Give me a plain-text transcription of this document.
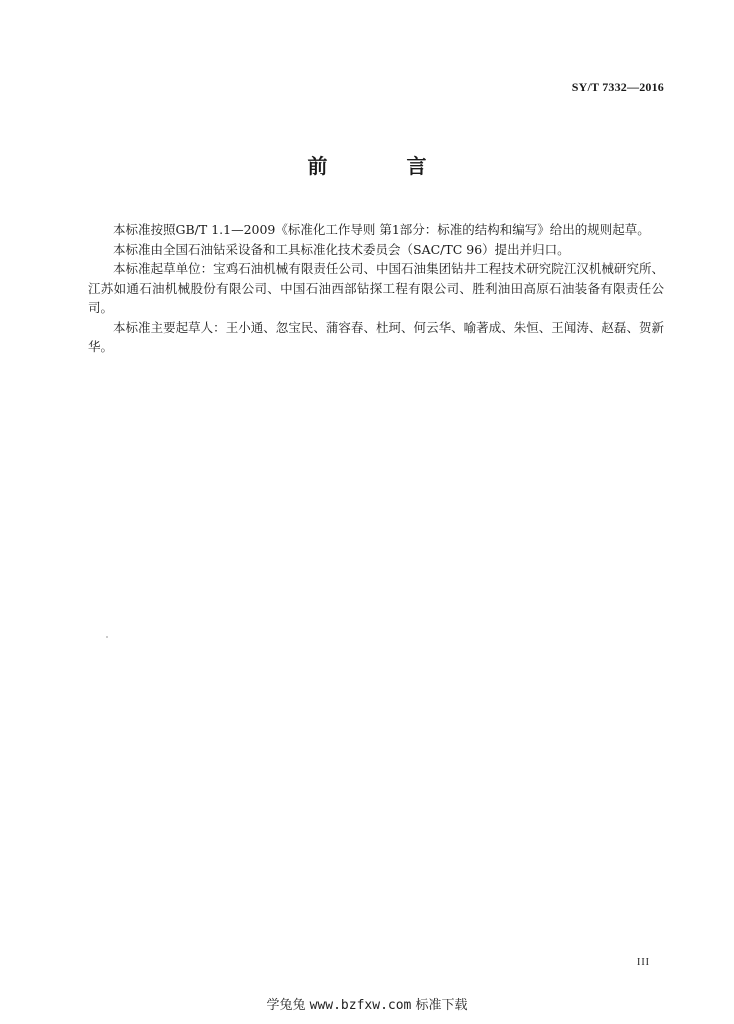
SY/T 7332—2016
前 言

本标准按照GB/T 1.1—2009《标准化工作导则 第1部分：标准的结构和编写》给出的规则起草。

本标准由全国石油钻采设备和工具标准化技术委员会（SAC/TC 96）提出并归口。

本标准起草单位：宝鸡石油机械有限责任公司、中国石油集团钻井工程技术研究院江汉机械研究所、江苏如通石油机械股份有限公司、中国石油西部钻探工程有限公司、胜利油田高原石油装备有限责任公司。

本标准主要起草人：王小通、忽宝民、蒲容春、杜珂、何云华、喻著成、朱恒、王闻涛、赵磊、贺新华。

III
学兔兔 www.bzfxw.com 标准下载
